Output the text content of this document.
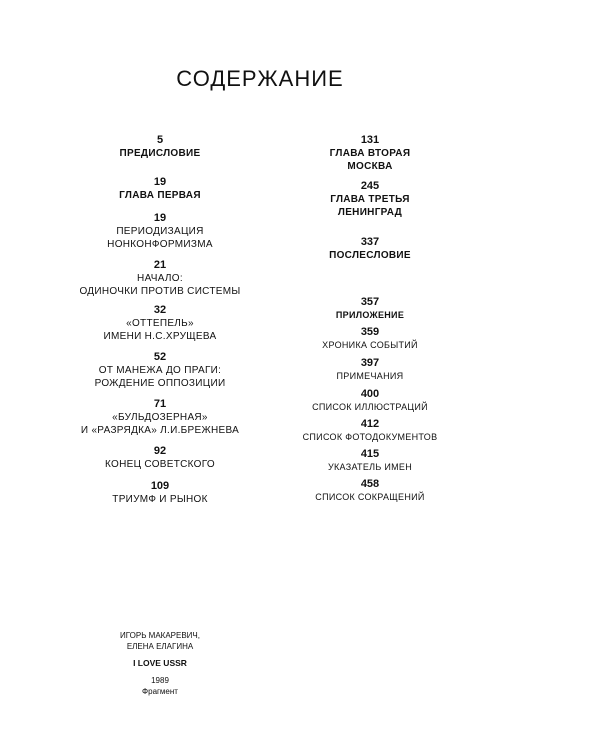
СОДЕРЖАНИЕ
5
ПРЕДИСЛОВИЕ
19
ГЛАВА ПЕРВАЯ
19
ПЕРИОДИЗАЦИЯ
НОНКОНФОРМИЗМА
21
НАЧАЛО:
ОДИНОЧКИ ПРОТИВ СИСТЕМЫ
32
«ОТТЕПЕЛЬ»
ИМЕНИ Н.С.ХРУЩЕВА
52
ОТ МАНЕЖА ДО ПРАГИ:
РОЖДЕНИЕ ОППОЗИЦИИ
71
«БУЛЬДОЗЕРНАЯ»
И «РАЗРЯДКА» Л.И.БРЕЖНЕВА
92
КОНЕЦ СОВЕТСКОГО
109
ТРИУМФ И РЫНОК
131
ГЛАВА ВТОРАЯ
МОСКВА
245
ГЛАВА ТРЕТЬЯ
ЛЕНИНГРАД
337
ПОСЛЕСЛОВИЕ
357
ПРИЛОЖЕНИЕ
359
ХРОНИКА СОБЫТИЙ
397
ПРИМЕЧАНИЯ
400
СПИСОК ИЛЛЮСТРАЦИЙ
412
СПИСОК ФОТОДОКУМЕНТОВ
415
УКАЗАТЕЛЬ ИМЕН
458
СПИСОК СОКРАЩЕНИЙ
ИГОРЬ МАКАРЕВИЧ,
ЕЛЕНА ЕЛАГИНА
I LOVE USSR
1989
Фрагмент
